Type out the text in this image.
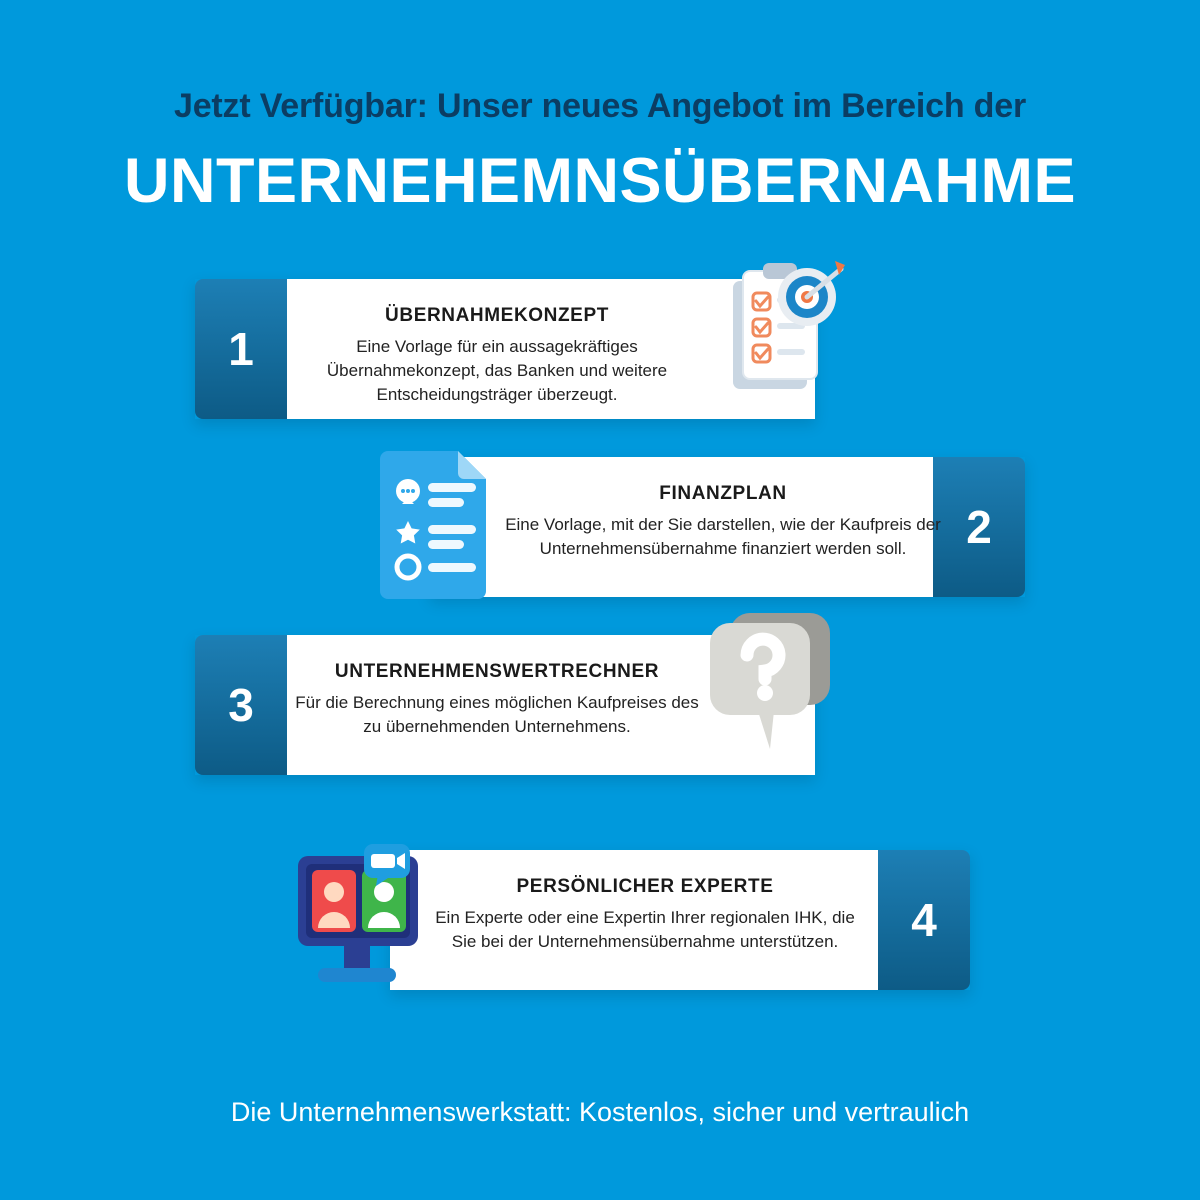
Jetzt Verfügbar: Unser neues Angebot im Bereich der
UNTERNEHEMNSÜBERNAHME
1
ÜBERNAHMEKONZEPT
Eine Vorlage für ein aussagekräftiges Übernahmekonzept, das Banken und weitere Entscheidungsträger überzeugt.
2
FINANZPLAN
Eine Vorlage, mit der Sie darstellen, wie der Kaufpreis der Unternehmensübernahme finanziert werden soll.
3
UNTERNEHMENSWERTRECHNER
Für die Berechnung eines möglichen Kaufpreises des zu übernehmenden Unternehmens.
4
PERSÖNLICHER EXPERTE
Ein Experte oder eine Expertin Ihrer regionalen IHK, die Sie bei der Unternehmensübernahme unterstützen.
Die Unternehmenswerkstatt: Kostenlos, sicher und vertraulich
